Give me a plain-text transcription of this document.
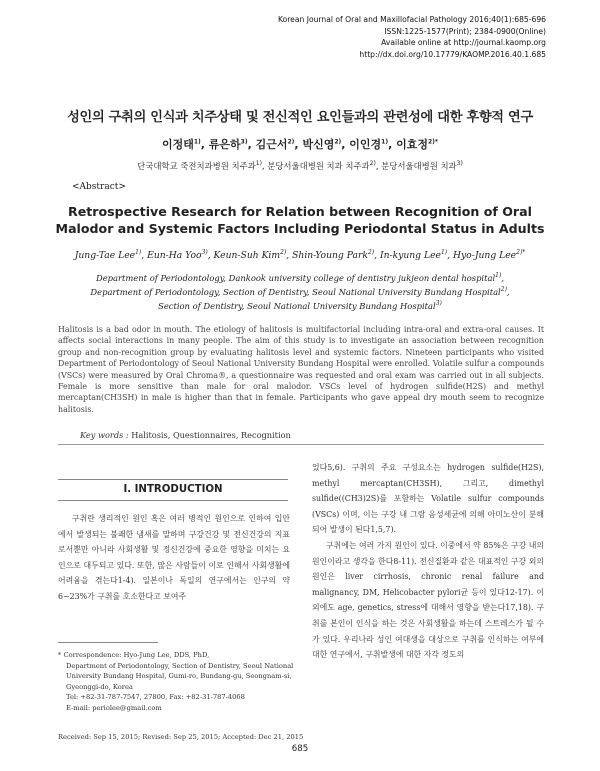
Korean Journal of Oral and Maxillofacial Pathology 2016;40(1):685-696
ISSN:1225-1577(Print); 2384-0900(Online)
Available online at http://journal.kaomp.org
http://dx.doi.org/10.17779/KAOMP.2016.40.1.685
성인의 구취의 인식과 치주상태 및 전신적인 요인들과의 관련성에 대한 후향적 연구
이정태$^{1)}$, 류은하$^{3)}$, 김근서$^{2)}$, 박신영$^{2)}$, 이인경$^{1)}$, 이효정$^{2)*}$
단국대학교 죽전치과병원 치주과$^{1)}$, 분당서울대병원 치과 치주과$^{2)}$, 분당서울대병원 치과$^{3)}$
<Abstract>
Retrospective Research for Relation between Recognition of Oral Malodor and Systemic Factors Including Periodontal Status in Adults
Jung-Tae Lee$^{1)}$, Eun-Ha Yoo$^{3)}$, Keun-Suh Kim$^{2)}$, Shin-Young Park$^{2)}$, In-kyung Lee$^{1)}$, Hyo-Jung Lee$^{2)*}$
Department of Periodontology, Dankook university college of dentistry jukjeon dental hospital$^{1)}$,
Department of Periodontology, Section of Dentistry, Seoul National University Bundang Hospital$^{2)}$,
Section of Dentistry, Seoul National University Bundang Hospital$^{3)}$
Halitosis is a bad odor in mouth. The etiology of halitosis is multifactorial including intra-oral and extra-oral causes. It affects social interactions in many people. The aim of this study is to investigate an association between recognition group and non-recognition group by evaluating halitosis level and systemic factors. Nineteen participants who visited Department of Periodontology of Seoul National University Bundang Hospital were enrolled. Volatile sulfur a compounds (VSCs) were measured by Oral Chroma®, a questionnaire was requested and oral exam was carried out in all subjects. Female is more sensitive than male for oral malodor. VSCs level of hydrogen sulfide(H2S) and methyl mercaptan(CH3SH) in male is higher than that in female. Participants who gave appeal dry mouth seem to recognize halitosis.
Key words : Halitosis, Questionnaires, Recognition
Ⅰ. INTRODUCTION

구취란 생리적인 원인 혹은 여러 병적인 원인으로 인하여 입안에서 발생되는 불쾌한 냄새를 말하며 구강건강 및 전신건강의 지표로서뿐만 아니라 사회생활 및 정신건강에 중요한 영향을 미치는 요인으로 대두되고 있다. 또한, 많은 사람들이 이로 인해서 사회생활에 어려움을 겪는다1-4). 일본이나 독일의 연구에서는 인구의 약6~23%가 구취를 호소한다고 보여주

었다5,6). 구취의 주요 구성요소는 hydrogen sulfide(H2S), methyl mercaptan(CH3SH), 그리고, dimethyl sulfide((CH3)2S)를 포함하는 Volatile sulfur compounds (VSCs) 이며, 이는 구강 내 그람 음성세균에 의해 아미노산이 분해되어 발생이 된다1,5,7).

구취에는 여러 가지 원인이 있다. 이중에서 약 85%은 구강 내의 원인이라고 생각을 한다8-11). 전신질환과 같은 대표적인 구강 외의 원인은 liver cirrhosis, chronic renal failure and malignancy, DM, Helicobacter pylori균 등이 있다12-17). 이외에도 age, genetics, stress에 대해서 영향을 받는다17,18). 구취를 본인이 인식을 하는 것은 사회생활을 하는데 스트레스가 될 수가 있다. 우리나라 성인 여대생을 대상으로 구취를 인식하는 여부에 대한 연구에서, 구취발생에 대한 자각 정도의

* Correspondence: Hyo-Jung Lee, DDS, PhD,
Department of Periodontology, Section of Dentistry, Seoul National University Bundang Hospital, Gumi-ro, Bundang-gu, Seongnam-si, Gyeonggi-do, Korea
Tel: +82-31-787-7547, 27800, Fax: +82-31-787-4068
E-mail: periolee@gmail.com
Received: Sep 15, 2015; Revised: Sep 25, 2015; Accepted: Dec 21, 2015
685
